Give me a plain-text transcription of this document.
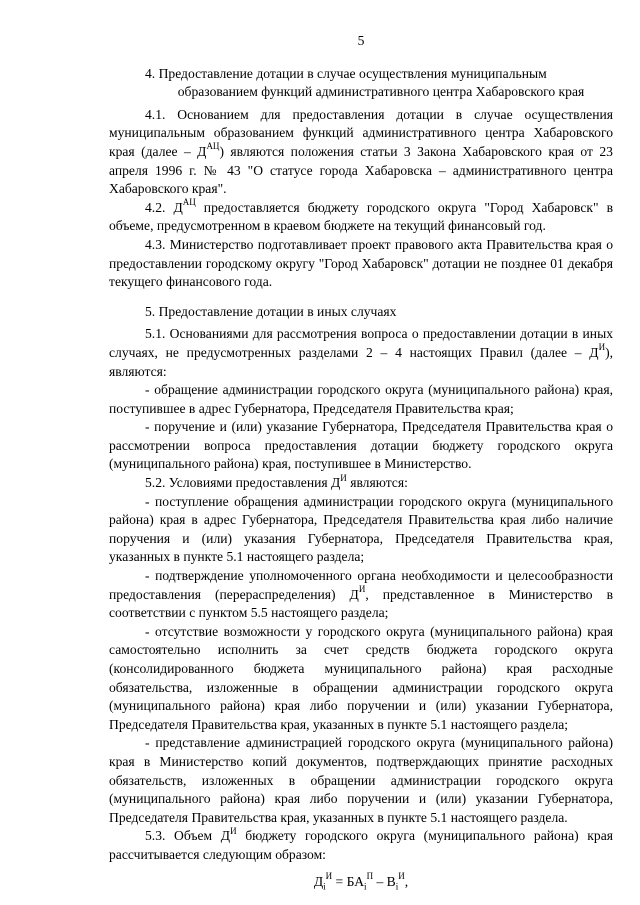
5

4. Предоставление дотации в случае осуществления муниципальным
образованием функций административного центра Хабаровского края

4.1. Основанием для предоставления дотации в случае осуществления муниципальным образованием функций административного центра Хабаровского края (далее – $Д^{АЦ}$) являются положения статьи 3 Закона Хабаровского края от 23 апреля 1996 г. № 43 "О статусе города Хабаровска – административного центра Хабаровского края".

4.2. $Д^{АЦ}$ предоставляется бюджету городского округа "Город Хабаровск" в объеме, предусмотренном в краевом бюджете на текущий финансовый год.

4.3. Министерство подготавливает проект правового акта Правительства края о предоставлении городскому округу "Город Хабаровск" дотации не позднее 01 декабря текущего финансового года.

5. Предоставление дотации в иных случаях

5.1. Основаниями для рассмотрения вопроса о предоставлении дотации в иных случаях, не предусмотренных разделами 2 – 4 настоящих Правил (далее – $Д^И$), являются:

- обращение администрации городского округа (муниципального района) края, поступившее в адрес Губернатора, Председателя Правительства края;

- поручение и (или) указание Губернатора, Председателя Правительства края о рассмотрении вопроса предоставления дотации бюджету городского округа (муниципального района) края, поступившее в Министерство.

5.2. Условиями предоставления $Д^И$ являются:

- поступление обращения администрации городского округа (муниципального района) края в адрес Губернатора, Председателя Правительства края либо наличие поручения и (или) указания Губернатора, Председателя Правительства края, указанных в пункте 5.1 настоящего раздела;

- подтверждение уполномоченного органа необходимости и целесообразности предоставления (перераспределения) $Д^И$, представленное в Министерство в соответствии с пунктом 5.5 настоящего раздела;

- отсутствие возможности у городского округа (муниципального района) края самостоятельно исполнить за счет средств бюджета городского округа (консолидированного бюджета муниципального района) края расходные обязательства, изложенные в обращении администрации городского округа (муниципального района) края либо поручении и (или) указании Губернатора, Председателя Правительства края, указанных в пункте 5.1 настоящего раздела;

- представление администрацией городского округа (муниципального района) края в Министерство копий документов, подтверждающих принятие расходных обязательств, изложенных в обращении администрации городского округа (муниципального района) края либо поручении и (или) указании Губернатора, Председателя Правительства края, указанных в пункте 5.1 настоящего раздела.

5.3. Объем $Д^И$ бюджету городского округа (муниципального района) края рассчитывается следующим образом:

$Д_i^И = БА_i^П - В_i^И$,
